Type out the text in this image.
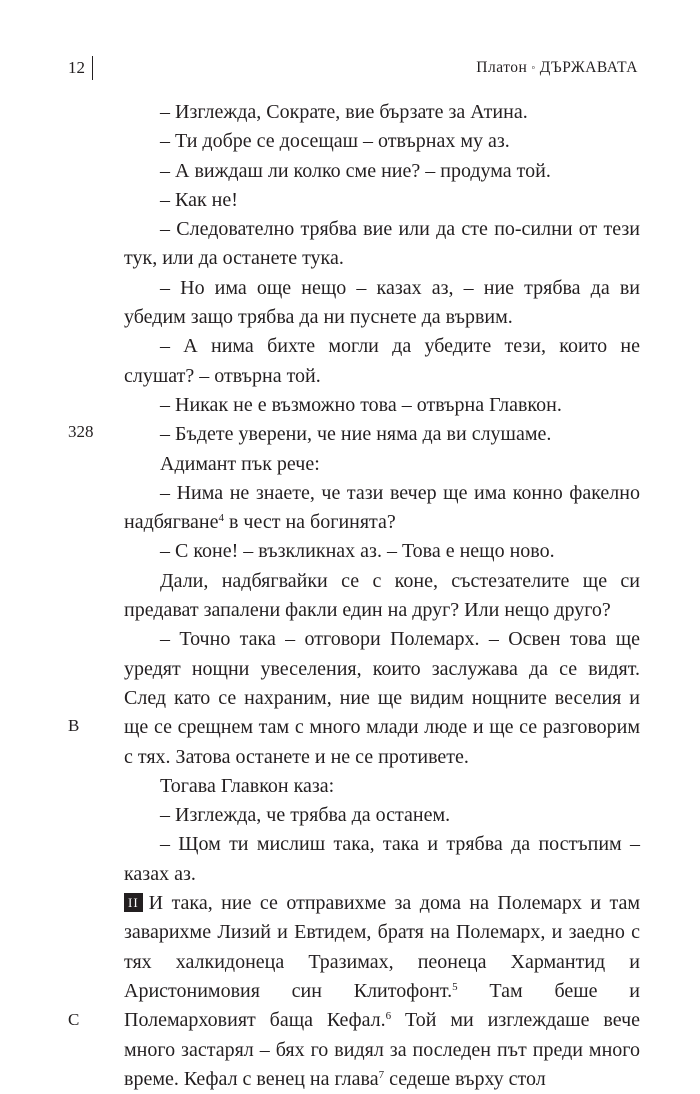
12	Платон ◦ ДЪРЖАВАТА
328
B
C

– Изглежда, Сократе, вие бързате за Атина.

– Ти добре се досещаш – отвърнах му аз.

– А виждаш ли колко сме ние? – продума той.

– Как не!

– Следователно трябва вие или да сте по-силни от тези тук, или да останете тука.

– Но има още нещо – казах аз, – ние трябва да ви убедим защо трябва да ни пуснете да вървим.

– А нима бихте могли да убедите тези, които не слушат? – отвърна той.

– Никак не е възможно това – отвърна Главкон.

– Бъдете уверени, че ние няма да ви слушаме.

Адимант пък рече:

– Нима не знаете, че тази вечер ще има конно факелно надбягване$^4$ в чест на богинята?

– С коне! – възкликнах аз. – Това е нещо ново.

Дали, надбягвайки се с коне, състезателите ще си предават запалени факли един на друг? Или нещо друго?

– Точно така – отговори Полемарх. – Освен това ще уредят нощни увеселения, които заслужава да се видят. След като се нахраним, ние ще видим нощните веселия и ще се срещнем там с много млади люде и ще се разговорим с тях. Затова останете и не се противете.

Тогава Главкон каза:

– Изглежда, че трябва да останем.

– Щом ти мислиш така, така и трябва да постъпим – казах аз.

II И така, ние се отправихме за дома на Полемарх и там заварихме Лизий и Евтидем, братя на Полемарх, и заедно с тях халкидонеца Тразимах, пеонеца Хармантид и Аристонимовия син Клитофонт.$^5$ Там беше и Полемарховият баща Кефал.$^6$ Той ми изглеждаше вече много застарял – бях го видял за последен път преди много време. Кефал с венец на глава$^7$ седеше върху стол
